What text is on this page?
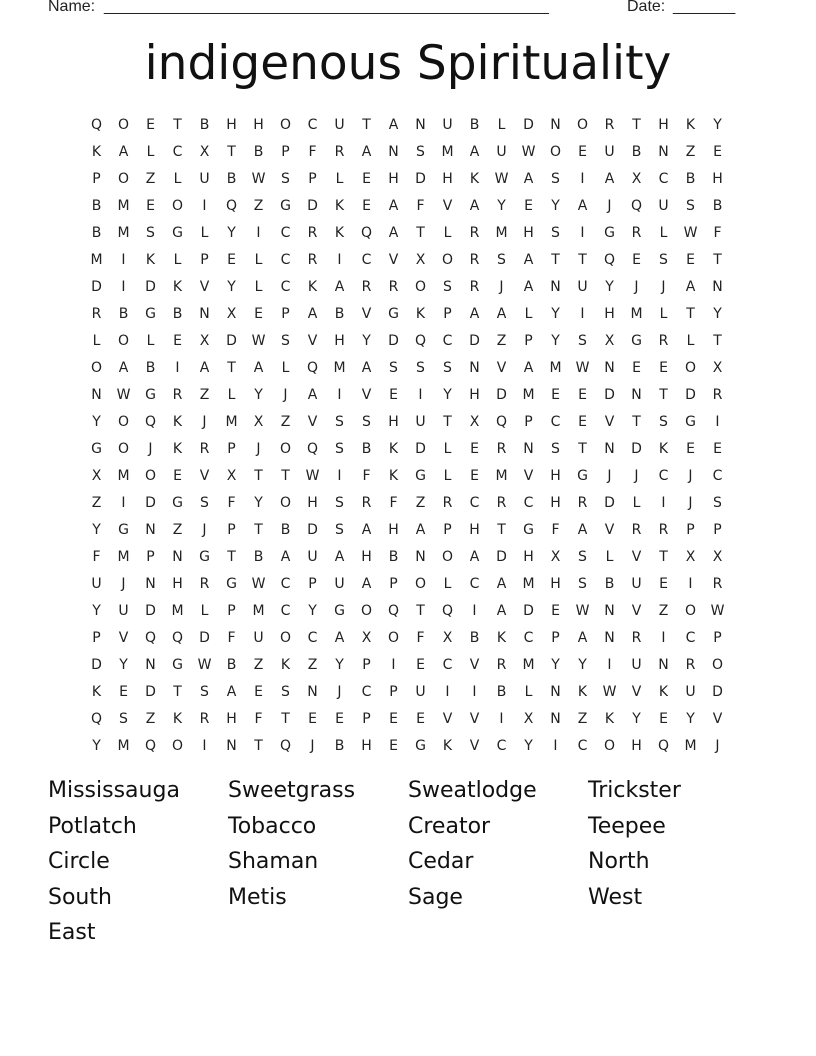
Name: __________________________________________________	Date: _______
indigenous Spirituality
Q	O	E	T	B	H	H	O	C	U	T	A	N	U	B	L	D	N	O	R	T	H	K	Y
K	A	L	C	X	T	B	P	F	R	A	N	S	M	A	U	W	O	E	U	B	N	Z	E
P	O	Z	L	U	B	W	S	P	L	E	H	D	H	K	W	A	S	I	A	X	C	B	H
B	M	E	O	I	Q	Z	G	D	K	E	A	F	V	A	Y	E	Y	A	J	Q	U	S	B
B	M	S	G	L	Y	I	C	R	K	Q	A	T	L	R	M	H	S	I	G	R	L	W	F
M	I	K	L	P	E	L	C	R	I	C	V	X	O	R	S	A	T	T	Q	E	S	E	T
D	I	D	K	V	Y	L	C	K	A	R	R	O	S	R	J	A	N	U	Y	J	J	A	N
R	B	G	B	N	X	E	P	A	B	V	G	K	P	A	A	L	Y	I	H	M	L	T	Y
L	O	L	E	X	D	W	S	V	H	Y	D	Q	C	D	Z	P	Y	S	X	G	R	L	T
O	A	B	I	A	T	A	L	Q	M	A	S	S	S	N	V	A	M	W	N	E	E	O	X
N	W	G	R	Z	L	Y	J	A	I	V	E	I	Y	H	D	M	E	E	D	N	T	D	R
Y	O	Q	K	J	M	X	Z	V	S	S	H	U	T	X	Q	P	C	E	V	T	S	G	I
G	O	J	K	R	P	J	O	Q	S	B	K	D	L	E	R	N	S	T	N	D	K	E	E
X	M	O	E	V	X	T	T	W	I	F	K	G	L	E	M	V	H	G	J	J	C	J	C
Z	I	D	G	S	F	Y	O	H	S	R	F	Z	R	C	R	C	H	R	D	L	I	J	S
Y	G	N	Z	J	P	T	B	D	S	A	H	A	P	H	T	G	F	A	V	R	R	P	P
F	M	P	N	G	T	B	A	U	A	H	B	N	O	A	D	H	X	S	L	V	T	X	X
U	J	N	H	R	G	W	C	P	U	A	P	O	L	C	A	M	H	S	B	U	E	I	R
Y	U	D	M	L	P	M	C	Y	G	O	Q	T	Q	I	A	D	E	W	N	V	Z	O	W
P	V	Q	Q	D	F	U	O	C	A	X	O	F	X	B	K	C	P	A	N	R	I	C	P
D	Y	N	G	W	B	Z	K	Z	Y	P	I	E	C	V	R	M	Y	Y	I	U	N	R	O
K	E	D	T	S	A	E	S	N	J	C	P	U	I	I	B	L	N	K	W	V	K	U	D
Q	S	Z	K	R	H	F	T	E	E	P	E	E	V	V	I	X	N	Z	K	Y	E	Y	V
Y	M	Q	O	I	N	T	Q	J	B	H	E	G	K	V	C	Y	I	C	O	H	Q	M	J
Mississauga	Sweetgrass	Sweatlodge	Trickster
Potlatch	Tobacco	Creator	Teepee
Circle	Shaman	Cedar	North
South	Metis	Sage	West
East
